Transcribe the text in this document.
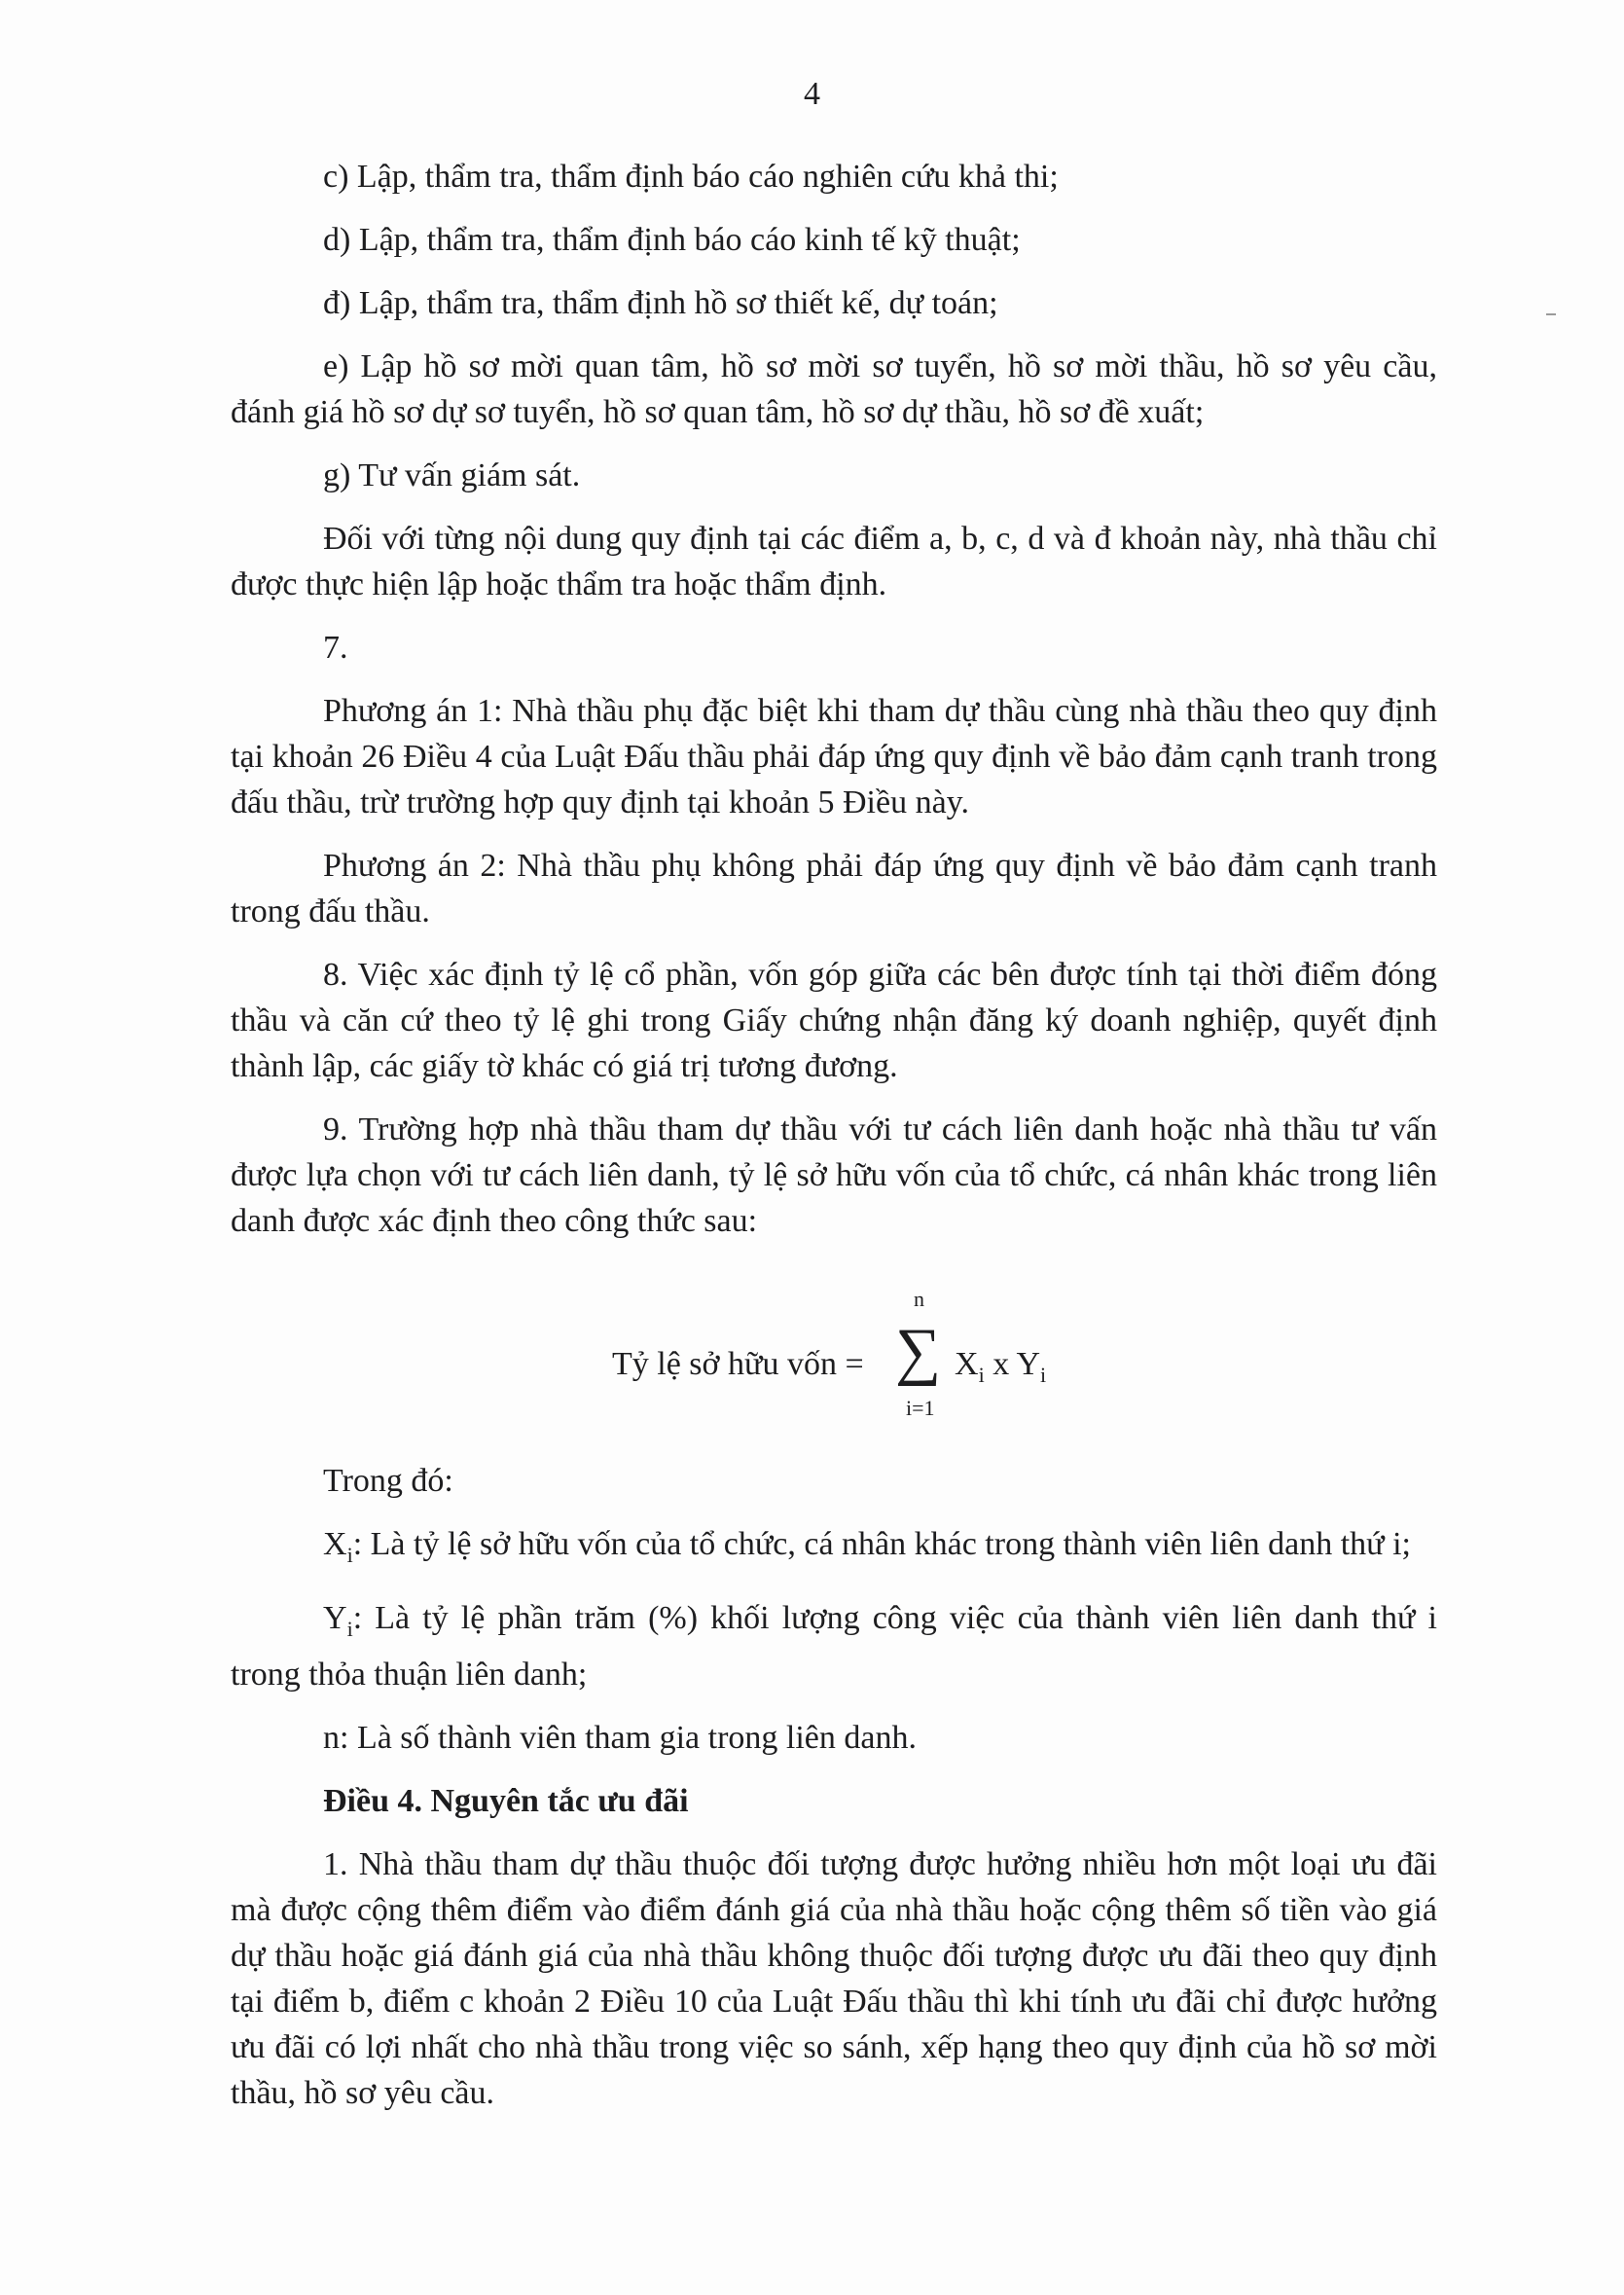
4

c) Lập, thẩm tra, thẩm định báo cáo nghiên cứu khả thi;

d) Lập, thẩm tra, thẩm định báo cáo kinh tế kỹ thuật;

đ) Lập, thẩm tra, thẩm định hồ sơ thiết kế, dự toán;

e) Lập hồ sơ mời quan tâm, hồ sơ mời sơ tuyển, hồ sơ mời thầu, hồ sơ yêu cầu, đánh giá hồ sơ dự sơ tuyển, hồ sơ quan tâm, hồ sơ dự thầu, hồ sơ đề xuất;

g) Tư vấn giám sát.

Đối với từng nội dung quy định tại các điểm a, b, c, d và đ khoản này, nhà thầu chỉ được thực hiện lập hoặc thẩm tra hoặc thẩm định.

7.

Phương án 1: Nhà thầu phụ đặc biệt khi tham dự thầu cùng nhà thầu theo quy định tại khoản 26 Điều 4 của Luật Đấu thầu phải đáp ứng quy định về bảo đảm cạnh tranh trong đấu thầu, trừ trường hợp quy định tại khoản 5 Điều này.

Phương án 2: Nhà thầu phụ không phải đáp ứng quy định về bảo đảm cạnh tranh trong đấu thầu.

8. Việc xác định tỷ lệ cổ phần, vốn góp giữa các bên được tính tại thời điểm đóng thầu và căn cứ theo tỷ lệ ghi trong Giấy chứng nhận đăng ký doanh nghiệp, quyết định thành lập, các giấy tờ khác có giá trị tương đương.

9. Trường hợp nhà thầu tham dự thầu với tư cách liên danh hoặc nhà thầu tư vấn được lựa chọn với tư cách liên danh, tỷ lệ sở hữu vốn của tổ chức, cá nhân khác trong liên danh được xác định theo công thức sau:

Tỷ lệ sở hữu vốn =
n
∑
i=1
$X_i$ x $Y_i$

Trong đó:

$X_i$: Là tỷ lệ sở hữu vốn của tổ chức, cá nhân khác trong thành viên liên danh thứ i;

$Y_i$: Là tỷ lệ phần trăm (%) khối lượng công việc của thành viên liên danh thứ i trong thỏa thuận liên danh;

n: Là số thành viên tham gia trong liên danh.

Điều 4. Nguyên tắc ưu đãi

1. Nhà thầu tham dự thầu thuộc đối tượng được hưởng nhiều hơn một loại ưu đãi mà được cộng thêm điểm vào điểm đánh giá của nhà thầu hoặc cộng thêm số tiền vào giá dự thầu hoặc giá đánh giá của nhà thầu không thuộc đối tượng được ưu đãi theo quy định tại điểm b, điểm c khoản 2 Điều 10 của Luật Đấu thầu thì khi tính ưu đãi chỉ được hưởng ưu đãi có lợi nhất cho nhà thầu trong việc so sánh, xếp hạng theo quy định của hồ sơ mời thầu, hồ sơ yêu cầu.
